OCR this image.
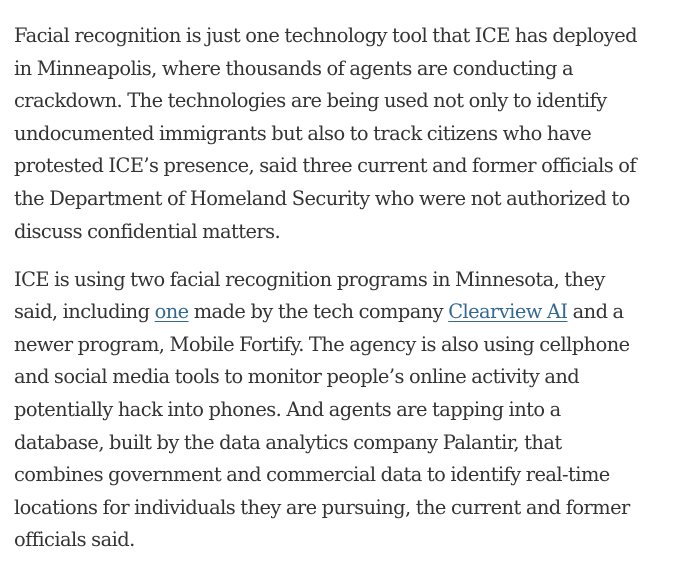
Facial recognition is just one technology tool that ICE has deployed
in Minneapolis, where thousands of agents are conducting a
crackdown. The technologies are being used not only to identify
undocumented immigrants but also to track citizens who have
protested ICE’s presence, said three current and former officials of
the Department of Homeland Security who were not authorized to
discuss confidential matters.

ICE is using two facial recognition programs in Minnesota, they
said, including one made by the tech company Clearview AI and a
newer program, Mobile Fortify. The agency is also using cellphone
and social media tools to monitor people’s online activity and
potentially hack into phones. And agents are tapping into a
database, built by the data analytics company Palantir, that
combines government and commercial data to identify real-time
locations for individuals they are pursuing, the current and former
officials said.
